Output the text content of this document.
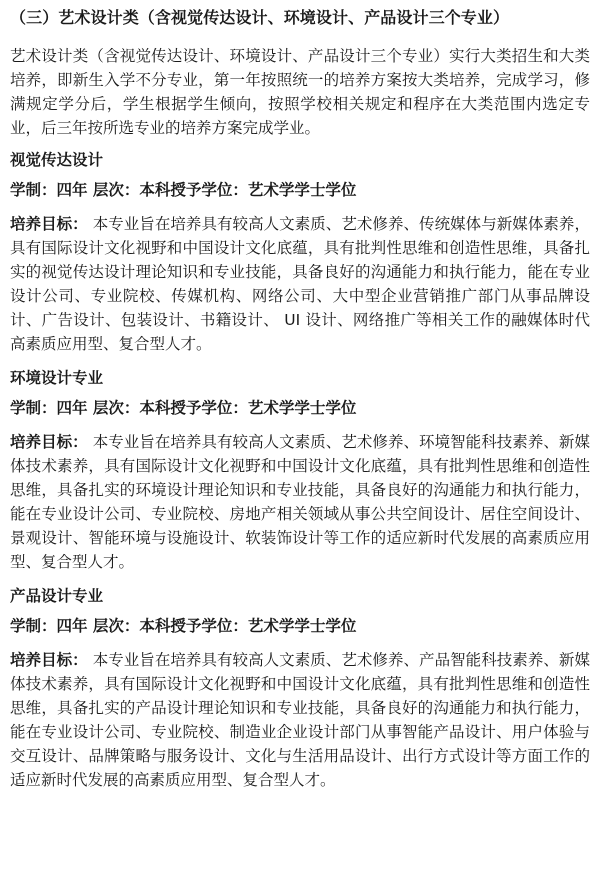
（三）艺术设计类（含视觉传达设计、环境设计、产品设计三个专业）
艺术设计类（含视觉传达设计、环境设计、产品设计三个专业）实行大类招生和大类培养，即新生入学不分专业，第一年按照统一的培养方案按大类培养，完成学习，修满规定学分后，学生根据学生倾向，按照学校相关规定和程序在大类范围内选定专业，后三年按所选专业的培养方案完成学业。
视觉传达设计
学制：四年 层次：本科授予学位：艺术学学士学位
培养目标： 本专业旨在培养具有较高人文素质、艺术修养、传统媒体与新媒体素养，具有国际设计文化视野和中国设计文化底蕴，具有批判性思维和创造性思维，具备扎实的视觉传达设计理论知识和专业技能，具备良好的沟通能力和执行能力，能在专业设计公司、专业院校、传媒机构、网络公司、大中型企业营销推广部门从事品牌设计、广告设计、包装设计、书籍设计、 UI 设计、网络推广等相关工作的融媒体时代高素质应用型、复合型人才。
环境设计专业
学制：四年 层次：本科授予学位：艺术学学士学位
培养目标： 本专业旨在培养具有较高人文素质、艺术修养、环境智能科技素养、新媒体技术素养，具有国际设计文化视野和中国设计文化底蕴，具有批判性思维和创造性思维，具备扎实的环境设计理论知识和专业技能，具备良好的沟通能力和执行能力，能在专业设计公司、专业院校、房地产相关领域从事公共空间设计、居住空间设计、景观设计、智能环境与设施设计、软装饰设计等工作的适应新时代发展的高素质应用型、复合型人才。
产品设计专业
学制：四年 层次：本科授予学位：艺术学学士学位
培养目标： 本专业旨在培养具有较高人文素质、艺术修养、产品智能科技素养、新媒体技术素养，具有国际设计文化视野和中国设计文化底蕴，具有批判性思维和创造性思维，具备扎实的产品设计理论知识和专业技能，具备良好的沟通能力和执行能力，能在专业设计公司、专业院校、制造业企业设计部门从事智能产品设计、用户体验与交互设计、品牌策略与服务设计、文化与生活用品设计、出行方式设计等方面工作的适应新时代发展的高素质应用型、复合型人才。
